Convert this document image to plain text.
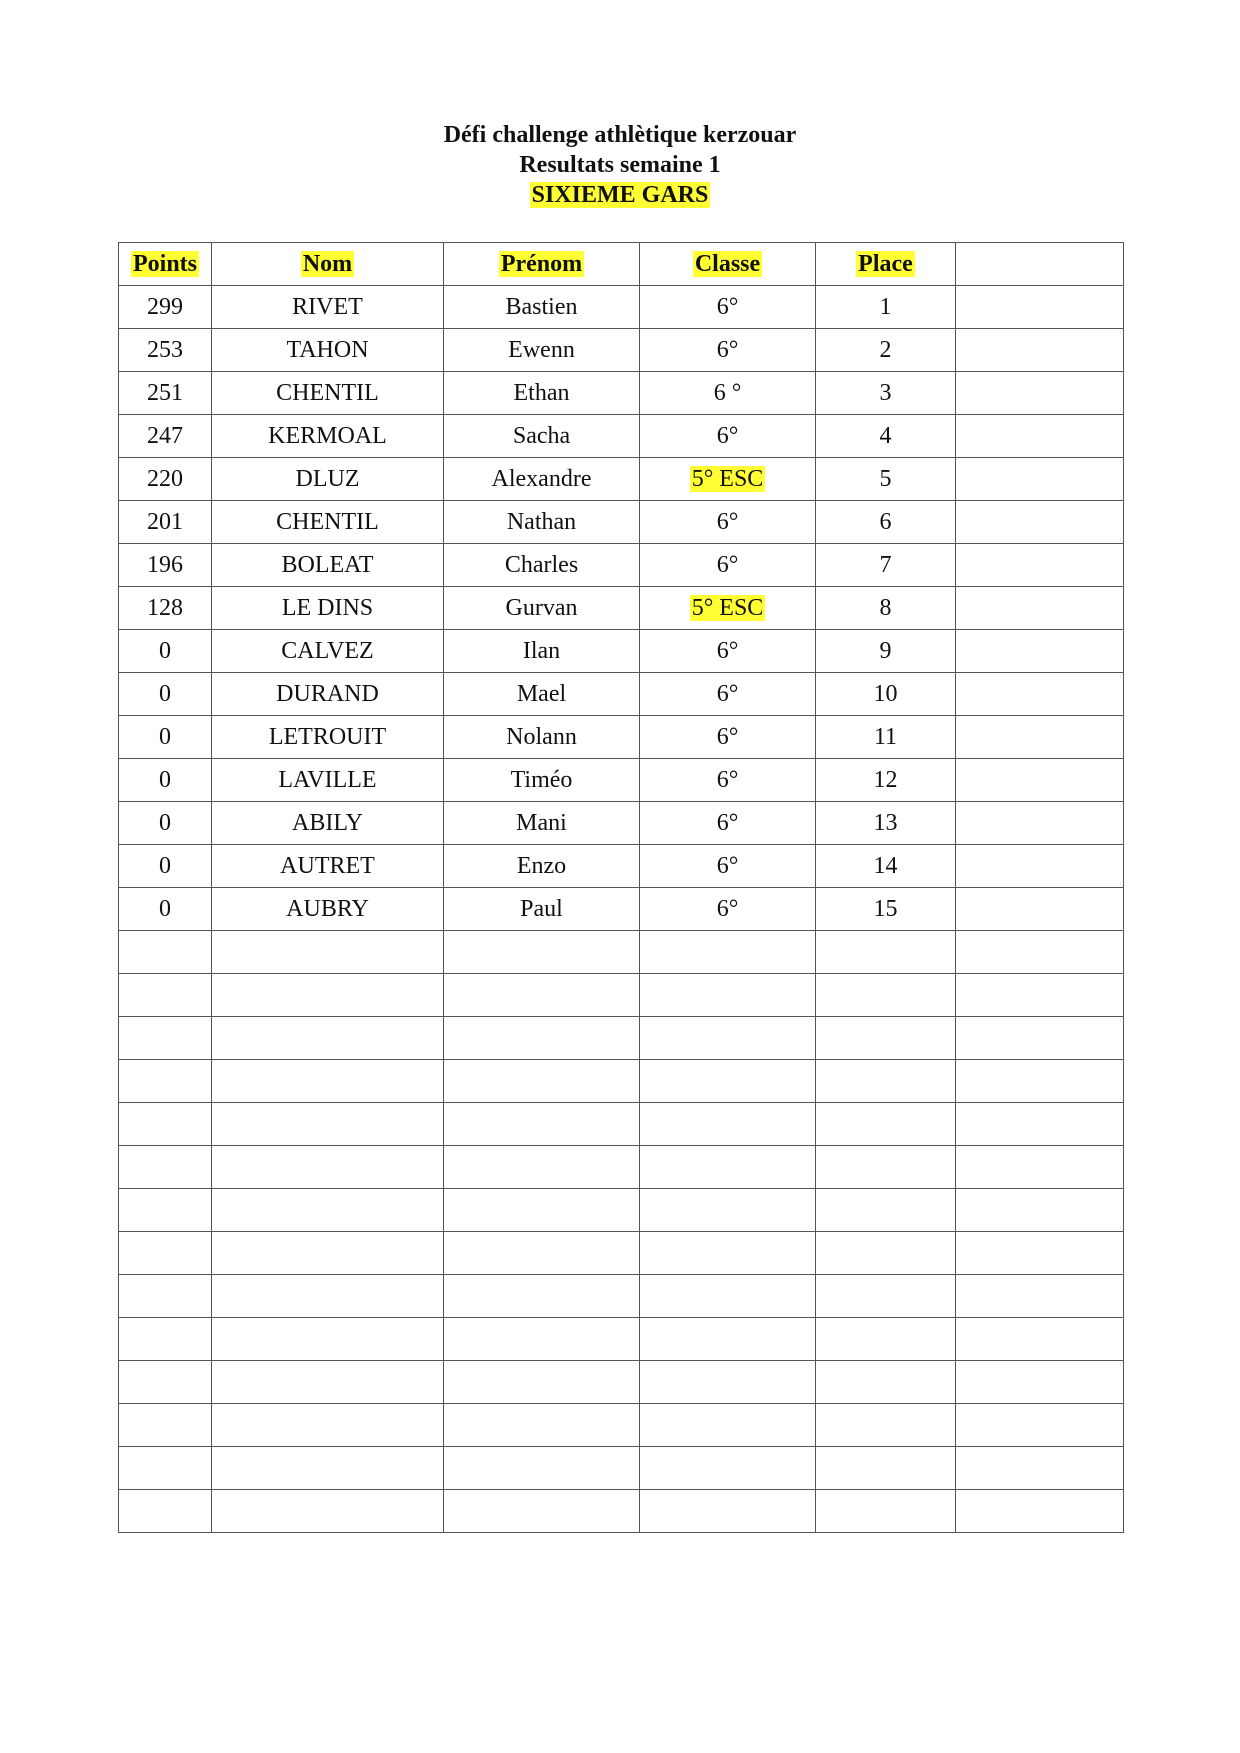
Défi challenge athlètique kerzouar
Resultats semaine 1
SIXIEME GARS
Points	Nom	Prénom	Classe	Place	
299	RIVET	Bastien	6°	1	
253	TAHON	Ewenn	6°	2	
251	CHENTIL	Ethan	6 °	3	
247	KERMOAL	Sacha	6°	4	
220	DLUZ	Alexandre	5° ESC	5	
201	CHENTIL	Nathan	6°	6	
196	BOLEAT	Charles	6°	7	
128	LE DINS	Gurvan	5° ESC	8	
0	CALVEZ	Ilan	6°	9	
0	DURAND	Mael	6°	10	
0	LETROUIT	Nolann	6°	11	
0	LAVILLE	Timéo	6°	12	
0	ABILY	Mani	6°	13	
0	AUTRET	Enzo	6°	14	
0	AUBRY	Paul	6°	15	
